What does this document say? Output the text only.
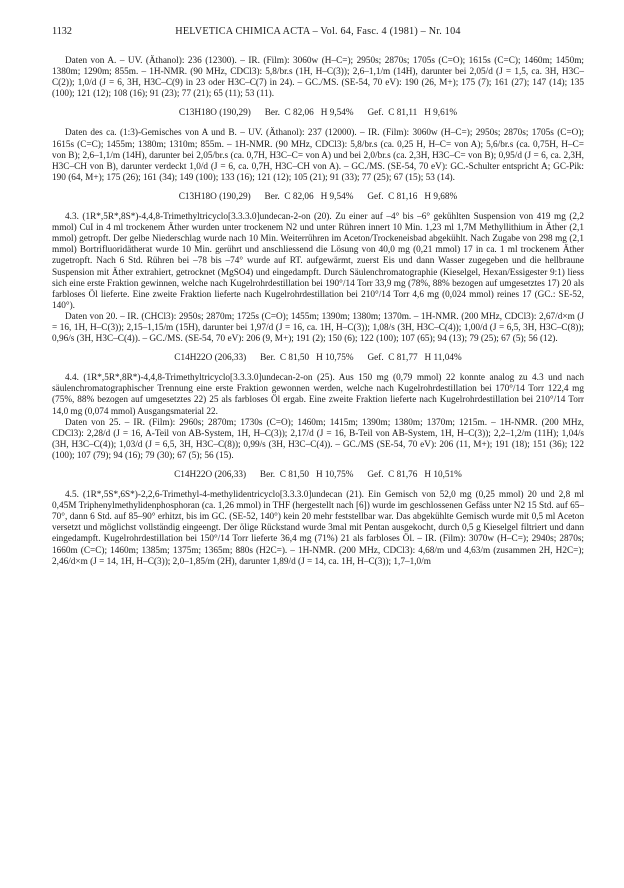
1132	HELVETICA CHIMICA ACTA – Vol. 64, Fasc. 4 (1981) – Nr. 104

Daten von A. – UV. (Äthanol): 236 (12300). – IR. (Film): 3060w (H–C=); 2950s; 2870s; 1705s (C=O); 1615s (C=C); 1460m; 1450m; 1380m; 1290m; 855m. – 1H-NMR. (90 MHz, CDCl3): 5,8/br.s (1H, H–C(3)); 2,6–1,1/m (14H), darunter bei 2,05/d (J = 1,5, ca. 3H, H3C–C(2)); 1,0/d (J = 6, 3H, H3C–C(9) in 23 oder H3C–C(7) in 24). – GC./MS. (SE-54, 70 eV): 190 (26, M+); 175 (7); 161 (27); 147 (14); 135 (100); 121 (12); 108 (16); 91 (23); 77 (21); 65 (11); 53 (11).

C13H18O (190,29)      Ber.  C 82,06   H 9,54%      Gef.  C 81,11   H 9,61%

Daten des ca. (1:3)-Gemisches von A und B. – UV. (Äthanol): 237 (12000). – IR. (Film): 3060w (H–C=); 2950s; 2870s; 1705s (C=O); 1615s (C=C); 1455m; 1380m; 1310m; 855m. – 1H-NMR. (90 MHz, CDCl3): 5,8/br.s (ca. 0,25 H, H–C= von A); 5,6/br.s (ca. 0,75H, H–C= von B); 2,6–1,1/m (14H), darunter bei 2,05/br.s (ca. 0,7H, H3C–C= von A) und bei 2,0/br.s (ca. 2,3H, H3C–C= von B); 0,95/d (J = 6, ca. 2,3H, H3C–CH von B), darunter verdeckt 1,0/d (J = 6, ca. 0,7H, H3C–CH von A). – GC./MS. (SE-54, 70 eV): GC.-Schulter entspricht A; GC-Pik: 190 (64, M+); 175 (26); 161 (34); 149 (100); 133 (16); 121 (12); 105 (21); 91 (33); 77 (25); 67 (15); 53 (14).

C13H18O (190,29)      Ber.  C 82,06   H 9,54%      Gef.  C 81,16   H 9,68%

4.3. (1R*,5R*,8S*)-4,4,8-Trimethyltricyclo[3.3.3.0]undecan-2-on (20). Zu einer auf –4° bis –6° gekühlten Suspension von 419 mg (2,2 mmol) CuI in 4 ml trockenem Äther wurden unter trockenem N2 und unter Rühren innert 10 Min. 1,23 ml 1,7M Methyllithium in Äther (2,1 mmol) getropft. Der gelbe Niederschlag wurde nach 10 Min. Weiterrühren im Aceton/Trockeneisbad abgekühlt. Nach Zugabe von 298 mg (2,1 mmol) Bortrifluoridätherat wurde 10 Min. gerührt und anschliessend die Lösung von 40,0 mg (0,21 mmol) 17 in ca. 1 ml trockenem Äther zugetropft. Nach 6 Std. Rühren bei –78 bis –74° wurde auf RT. aufgewärmt, zuerst Eis und dann Wasser zugegeben und die hellbraune Suspension mit Äther extrahiert, getrocknet (MgSO4) und eingedampft. Durch Säulenchromatographie (Kieselgel, Hexan/Essigester 9:1) liess sich eine erste Fraktion gewinnen, welche nach Kugelrohrdestillation bei 190°/14 Torr 33,9 mg (78%, 88% bezogen auf umgesetztes 17) 20 als farbloses Öl lieferte. Eine zweite Fraktion lieferte nach Kugelrohrdestillation bei 210°/14 Torr 4,6 mg (0,024 mmol) reines 17 (GC.: SE-52, 140°).

Daten von 20. – IR. (CHCl3): 2950s; 2870m; 1725s (C=O); 1455m; 1390m; 1380m; 1370m. – 1H-NMR. (200 MHz, CDCl3): 2,67/d×m (J = 16, 1H, H–C(3)); 2,15–1,15/m (15H), darunter bei 1,97/d (J = 16, ca. 1H, H–C(3)); 1,08/s (3H, H3C–C(4)); 1,00/d (J = 6,5, 3H, H3C–C(8)); 0,96/s (3H, H3C–C(4)). – GC./MS. (SE-54, 70 eV): 206 (9, M+); 191 (2); 150 (6); 122 (100); 107 (65); 94 (13); 79 (25); 67 (5); 56 (12).

C14H22O (206,33)      Ber.  C 81,50   H 10,75%      Gef.  C 81,77   H 11,04%

4.4. (1R*,5R*,8R*)-4,4,8-Trimethyltricyclo[3.3.3.0]undecan-2-on (25). Aus 150 mg (0,79 mmol) 22 konnte analog zu 4.3 und nach säulenchromatographischer Trennung eine erste Fraktion gewonnen werden, welche nach Kugelrohrdestillation bei 170°/14 Torr 122,4 mg (75%, 88% bezogen auf umgesetztes 22) 25 als farbloses Öl ergab. Eine zweite Fraktion lieferte nach Kugelrohrdestillation bei 210°/14 Torr 14,0 mg (0,074 mmol) Ausgangsmaterial 22.

Daten von 25. – IR. (Film): 2960s; 2870m; 1730s (C=O); 1460m; 1415m; 1390m; 1380m; 1370m; 1215m. – 1H-NMR. (200 MHz, CDCl3): 2,28/d (J = 16, A-Teil von AB-System, 1H, H–C(3)); 2,17/d (J = 16, B-Teil von AB-System, 1H, H–C(3)); 2,2–1,2/m (11H); 1,04/s (3H, H3C–C(4)); 1,03/d (J = 6,5, 3H, H3C–C(8)); 0,99/s (3H, H3C–C(4)). – GC./MS (SE-54, 70 eV): 206 (11, M+); 191 (18); 151 (36); 122 (100); 107 (79); 94 (16); 79 (30); 67 (5); 56 (15).

C14H22O (206,33)      Ber.  C 81,50   H 10,75%      Gef.  C 81,76   H 10,51%

4.5. (1R*,5S*,6S*)-2,2,6-Trimethyl-4-methylidentricyclo[3.3.3.0]undecan (21). Ein Gemisch von 52,0 mg (0,25 mmol) 20 und 2,8 ml 0,45M Triphenylmethylidenphosphoran (ca. 1,26 mmol) in THF (hergestellt nach [6]) wurde im geschlossenen Gefäss unter N2 15 Std. auf 65–70°, dann 6 Std. auf 85–90° erhitzt, bis im GC. (SE-52, 140°) kein 20 mehr feststellbar war. Das abgekühlte Gemisch wurde mit 0,5 ml Aceton versetzt und möglichst vollständig eingeengt. Der ölige Rückstand wurde 3mal mit Pentan ausgekocht, durch 0,5 g Kieselgel filtriert und dann eingedampft. Kugelrohrdestillation bei 150°/14 Torr lieferte 36,4 mg (71%) 21 als farbloses Öl. – IR. (Film): 3070w (H–C=); 2940s; 2870s; 1660m (C=C); 1460m; 1385m; 1375m; 1365m; 880s (H2C=). – 1H-NMR. (200 MHz, CDCl3): 4,68/m und 4,63/m (zusammen 2H, H2C=); 2,46/d×m (J = 14, 1H, H–C(3)); 2,0–1,85/m (2H), darunter 1,89/d (J = 14, ca. 1H, H–C(3)); 1,7–1,0/m
